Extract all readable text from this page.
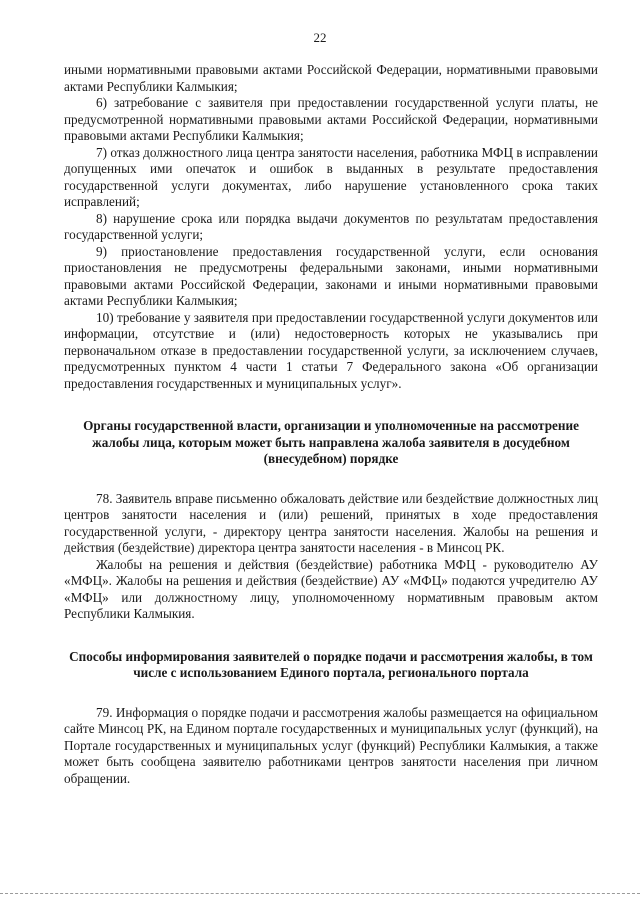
22

иными нормативными правовыми актами Российской Федерации, нормативными правовыми актами Республики Калмыкия;

6) затребование с заявителя при предоставлении государственной услуги платы, не предусмотренной нормативными правовыми актами Российской Федерации, нормативными правовыми актами Республики Калмыкия;

7) отказ должностного лица центра занятости населения, работника МФЦ в исправлении допущенных ими опечаток и ошибок в выданных в результате предоставления государственной услуги документах, либо нарушение установленного срока таких исправлений;

8) нарушение срока или порядка выдачи документов по результатам предоставления государственной услуги;

9) приостановление предоставления государственной услуги, если основания приостановления не предусмотрены федеральными законами, иными нормативными правовыми актами Российской Федерации, законами и иными нормативными правовыми актами Республики Калмыкия;

10) требование у заявителя при предоставлении государственной услуги документов или информации, отсутствие и (или) недостоверность которых не указывались при первоначальном отказе в предоставлении государственной услуги, за исключением случаев, предусмотренных пунктом 4 части 1 статьи 7 Федерального закона «Об организации предоставления государственных и муниципальных услуг».

Органы государственной власти, организации и уполномоченные на рассмотрение жалобы лица, которым может быть направлена жалоба заявителя в досудебном (внесудебном) порядке

78. Заявитель вправе письменно обжаловать действие или бездействие должностных лиц центров занятости населения и (или) решений, принятых в ходе предоставления государственной услуги, - директору центра занятости населения. Жалобы на решения и действия (бездействие) директора центра занятости населения - в Минсоц РК.

Жалобы на решения и действия (бездействие) работника МФЦ - руководителю АУ «МФЦ». Жалобы на решения и действия (бездействие) АУ «МФЦ» подаются учредителю АУ «МФЦ» или должностному лицу, уполномоченному нормативным правовым актом Республики Калмыкия.

Способы информирования заявителей о порядке подачи и рассмотрения жалобы, в том числе с использованием Единого портала, регионального портала

79. Информация о порядке подачи и рассмотрения жалобы размещается на официальном сайте Минсоц РК, на Едином портале государственных и муниципальных услуг (функций), на Портале государственных и муниципальных услуг (функций) Республики Калмыкия, а также может быть сообщена заявителю работниками центров занятости населения при личном обращении.
